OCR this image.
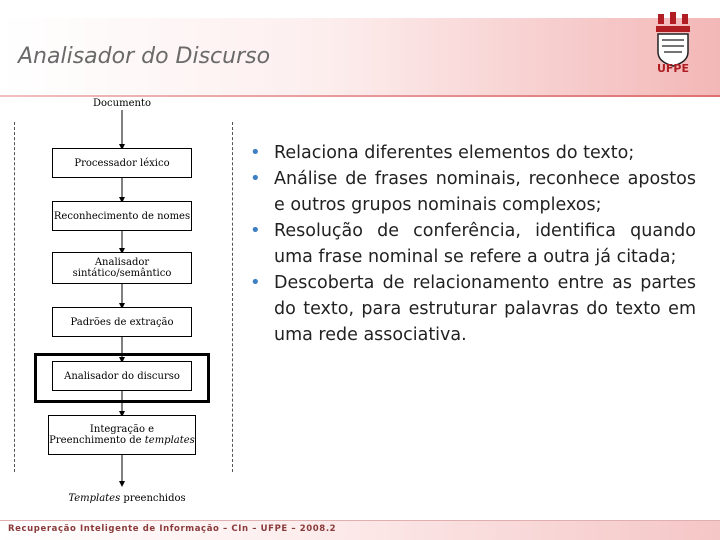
Analisador do Discurso	UFPE
Documento
Processador léxico
Reconhecimento de nomes
Analisador sintático/semântico
Padrões de extração
Analisador do discurso
Integração e
Preenchimento de templates
Templates preenchidos
• Relaciona diferentes elementos do texto;
• Análise de frases nominais, reconhece apostos e outros grupos nominais complexos;
• Resolução de conferência, identifica quando uma frase nominal se refere a outra já citada;
• Descoberta de relacionamento entre as partes do texto, para estruturar palavras do texto em uma rede associativa.
Recuperação Inteligente de Informação – CIn – UFPE – 2008.2
